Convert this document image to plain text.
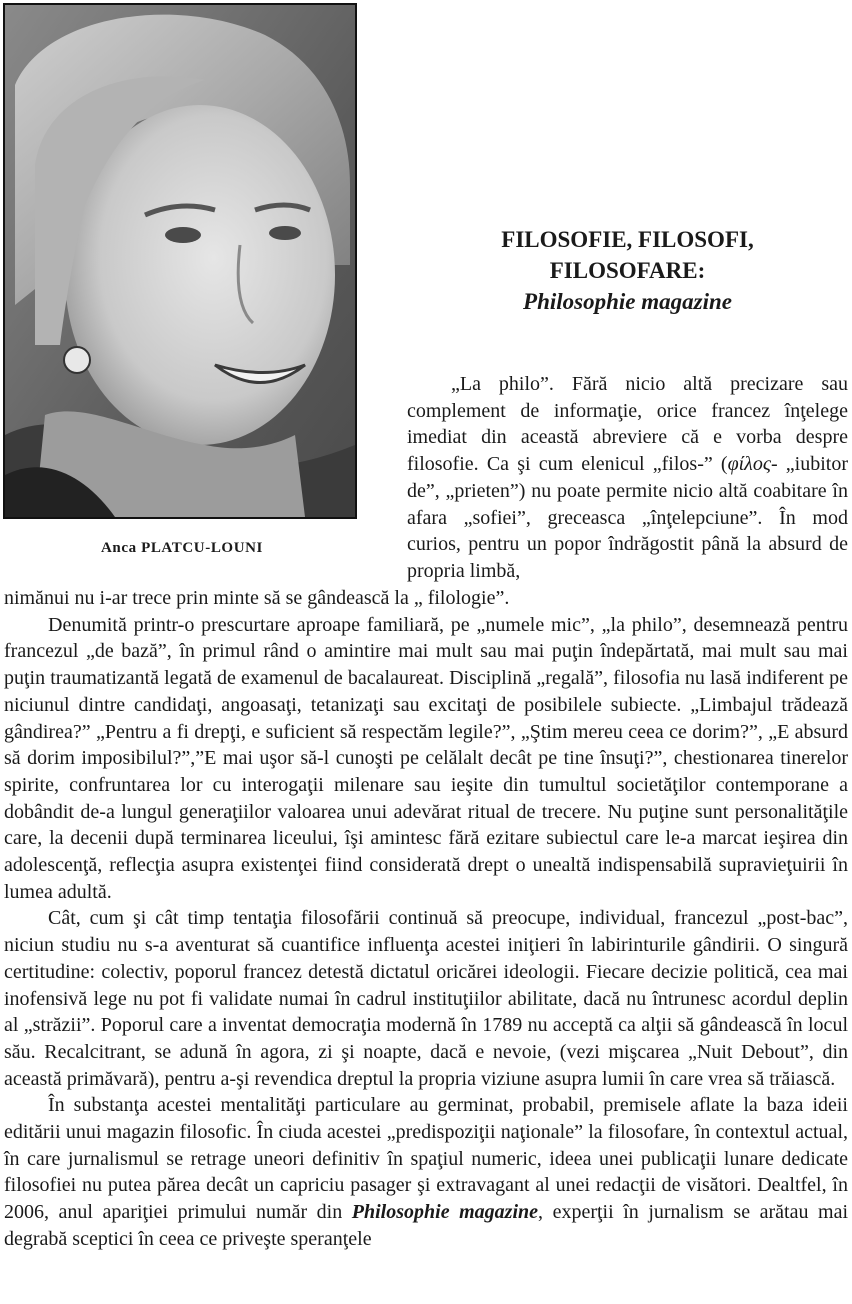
Anca PLATCU-LOUNI
FILOSOFIE, FILOSOFI,
FILOSOFARE:
Philosophie magazine

„La philo”. Fără nicio altă precizare sau complement de informaţie, orice francez înţelege imediat din această abreviere că e vorba despre filosofie. Ca şi cum elenicul „filos-” (φίλος- „iubitor de”, „prieten”) nu poate permite nicio altă coabitare în afara „sofiei”, greceasca „înţelepciune”. În mod curios, pentru un popor îndrăgostit până la absurd de propria limbă,

nimănui nu i-ar trece prin minte să se gândească la „ filologie”.

Denumită printr-o prescurtare aproape familiară, pe „numele mic”, „la philo”, desemnează pentru francezul „de bază”, în primul rând o amintire mai mult sau mai puţin îndepărtată, mai mult sau mai puţin traumatizantă legată de examenul de bacalaureat. Disciplină „regală”, filosofia nu lasă indiferent pe niciunul dintre candidaţi, angoasaţi, tetanizaţi sau excitaţi de posibilele subiecte. „Limbajul trădează gândirea?” „Pentru a fi drepţi, e suficient să respectăm legile?”, „Ştim mereu ceea ce dorim?”, „E absurd să dorim imposibilul?”,”E mai uşor să-l cunoşti pe celălalt decât pe tine însuţi?”, chestionarea tinerelor spirite, confruntarea lor cu interogaţii milenare sau ieşite din tumultul societăţilor contemporane a dobândit de-a lungul generaţiilor valoarea unui adevărat ritual de trecere. Nu puţine sunt personalităţile care, la decenii după terminarea liceului, îşi amintesc fără ezitare subiectul care le-a marcat ieşirea din adolescenţă, reflecţia asupra existenţei fiind considerată drept o unealtă indispensabilă supravieţuirii în lumea adultă.

Cât, cum şi cât timp tentaţia filosofării continuă să preocupe, individual, francezul „post-bac”, niciun studiu nu s-a aventurat să cuantifice influenţa acestei iniţieri în labirinturile gândirii. O singură certitudine: colectiv, poporul francez detestă dictatul oricărei ideologii. Fiecare decizie politică, cea mai inofensivă lege nu pot fi validate numai în cadrul instituţiilor abilitate, dacă nu întrunesc acordul deplin al „străzii”. Poporul care a inventat democraţia modernă în 1789 nu acceptă ca alţii să gândească în locul său. Recalcitrant, se adună în agora, zi şi noapte, dacă e nevoie, (vezi mişcarea „Nuit Debout”, din această primăvară), pentru a-şi revendica dreptul la propria viziune asupra lumii în care vrea să trăiască.

În substanţa acestei mentalităţi particulare au germinat, probabil, premisele aflate la baza ideii editării unui magazin filosofic. În ciuda acestei „predispoziţii naţionale” la filosofare, în contextul actual, în care jurnalismul se retrage uneori definitiv în spaţiul numeric, ideea unei publicaţii lunare dedicate filosofiei nu putea părea decât un capriciu pasager şi extravagant al unei redacţii de visători. Dealtfel, în 2006, anul apariţiei primului număr din Philosophie magazine, experţii în jurnalism se arătau mai degrabă sceptici în ceea ce priveşte speranţele
